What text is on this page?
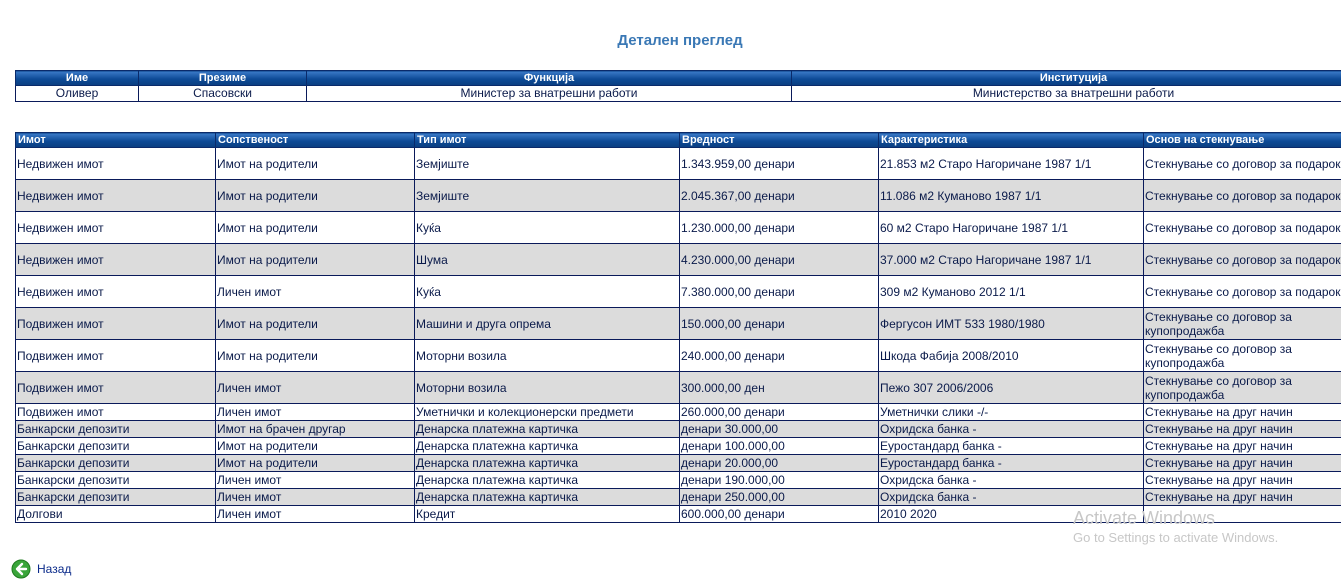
Детален преглед
Име	Презиме	Функција	Институција
Оливер	Спасовски	Министер за внатрешни работи	Министерство за внатрешни работи
Имот	Сопственост	Тип имот	Вредност	Карактеристика	Основ на стекнување
Недвижен имот	Имот на родители	Земјиште	1.343.959,00 денари	21.853 м2 Старо Нагоричане 1987 1/1	Стекнување со договор за подарок
Недвижен имот	Имот на родители	Земјиште	2.045.367,00 денари	11.086 м2 Куманово 1987 1/1	Стекнување со договор за подарок
Недвижен имот	Имот на родители	Куќа	1.230.000,00 денари	60 м2 Старо Нагоричане 1987 1/1	Стекнување со договор за подарок
Недвижен имот	Имот на родители	Шума	4.230.000,00 денари	37.000 м2 Старо Нагоричане 1987 1/1	Стекнување со договор за подарок
Недвижен имот	Личен имот	Куќа	7.380.000,00 денари	309 м2 Куманово 2012 1/1	Стекнување со договор за подарок
Подвижен имот	Имот на родители	Машини и друга опрема	150.000,00 денари	Фергусон ИМТ 533 1980/1980	Стекнување со договор за купопродажба
Подвижен имот	Имот на родители	Моторни возила	240.000,00 денари	Шкода Фабија 2008/2010	Стекнување со договор за купопродажба
Подвижен имот	Личен имот	Моторни возила	300.000,00 ден	Пежо 307 2006/2006	Стекнување со договор за купопродажба
Подвижен имот	Личен имот	Уметнички и колекционерски предмети	260.000,00 денари	Уметнички слики -/-	Стекнување на друг начин
Банкарски депозити	Имот на брачен другар	Денарска платежна картичка	денари 30.000,00	Охридска банка -	Стекнување на друг начин
Банкарски депозити	Имот на родители	Денарска платежна картичка	денари 100.000,00	Еуростандард банка -	Стекнување на друг начин
Банкарски депозити	Имот на родители	Денарска платежна картичка	денари 20.000,00	Еуростандард банка -	Стекнување на друг начин
Банкарски депозити	Личен имот	Денарска платежна картичка	денари 190.000,00	Охридска банка -	Стекнување на друг начин
Банкарски депозити	Личен имот	Денарска платежна картичка	денари 250.000,00	Охридска банка -	Стекнување на друг начин
Долгови	Личен имот	Кредит	600.000,00 денари	2010 2020	
Назад
Activate Windows
Go to Settings to activate Windows.
